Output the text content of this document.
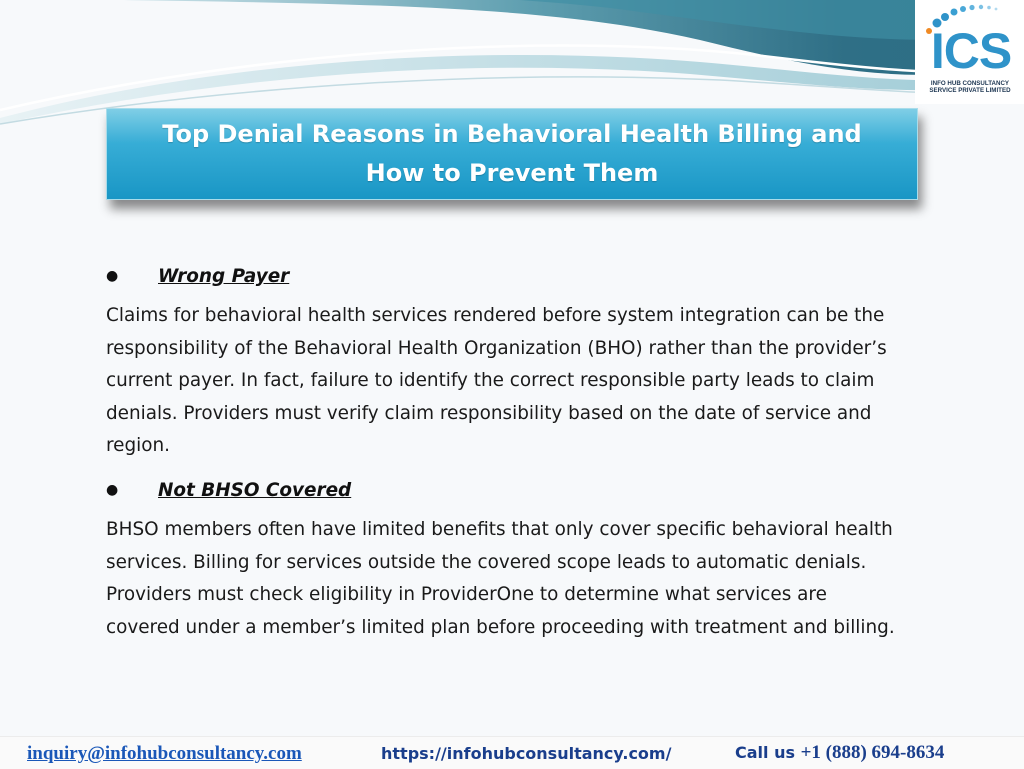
ICS
INFO HUB CONSULTANCY
SERVICE PRIVATE LIMITED
Top Denial Reasons in Behavioral Health Billing and How to Prevent Them
● Wrong Payer

Claims for behavioral health services rendered before system integration can be the responsibility of the Behavioral Health Organization (BHO) rather than the provider’s current payer. In fact, failure to identify the correct responsible party leads to claim denials. Providers must verify claim responsibility based on the date of service and region.

● Not BHSO Covered

BHSO members often have limited benefits that only cover specific behavioral health services. Billing for services outside the covered scope leads to automatic denials. Providers must check eligibility in ProviderOne to determine what services are covered under a member’s limited plan before proceeding with treatment and billing.

inquiry@infohubconsultancy.com	https://infohubconsultancy.com/	Call us +1 (888) 694-8634
